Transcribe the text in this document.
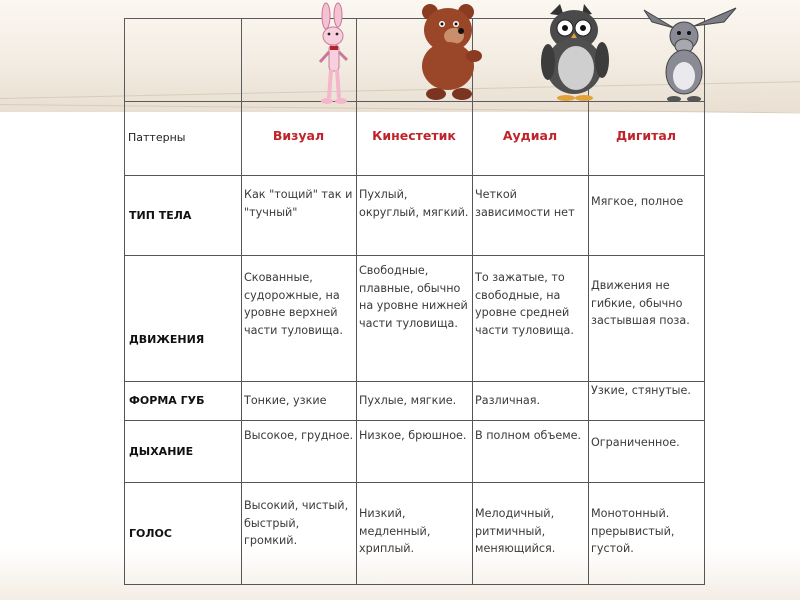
Паттерны	Визуал	Кинестетик	Аудиал	Дигитал
ТИП ТЕЛА	Как "тощий" так и "тучный"	Пухлый, округлый, мягкий.	Четкой зависимости нет	Мягкое, полное
ДВИЖЕНИЯ	Скованные, судорожные, на уровне верхней части туловища.	Свободные, плавные, обычно на уровне нижней части туловища.	То зажатые, то свободные, на уровне средней части туловища.	Движения не гибкие, обычно застывшая поза.
ФОРМА ГУБ	Тонкие, узкие	Пухлые, мягкие.	Различная.	Узкие, стянутые.
ДЫХАНИЕ	Высокое, грудное.	Низкое, брюшное.	В полном объеме.	Ограниченное.
ГОЛОС	Высокий, чистый, быстрый, громкий.	Низкий, медленный, хриплый.	Мелодичный, ритмичный, меняющийся.	Монотонный. прерывистый, густой.
